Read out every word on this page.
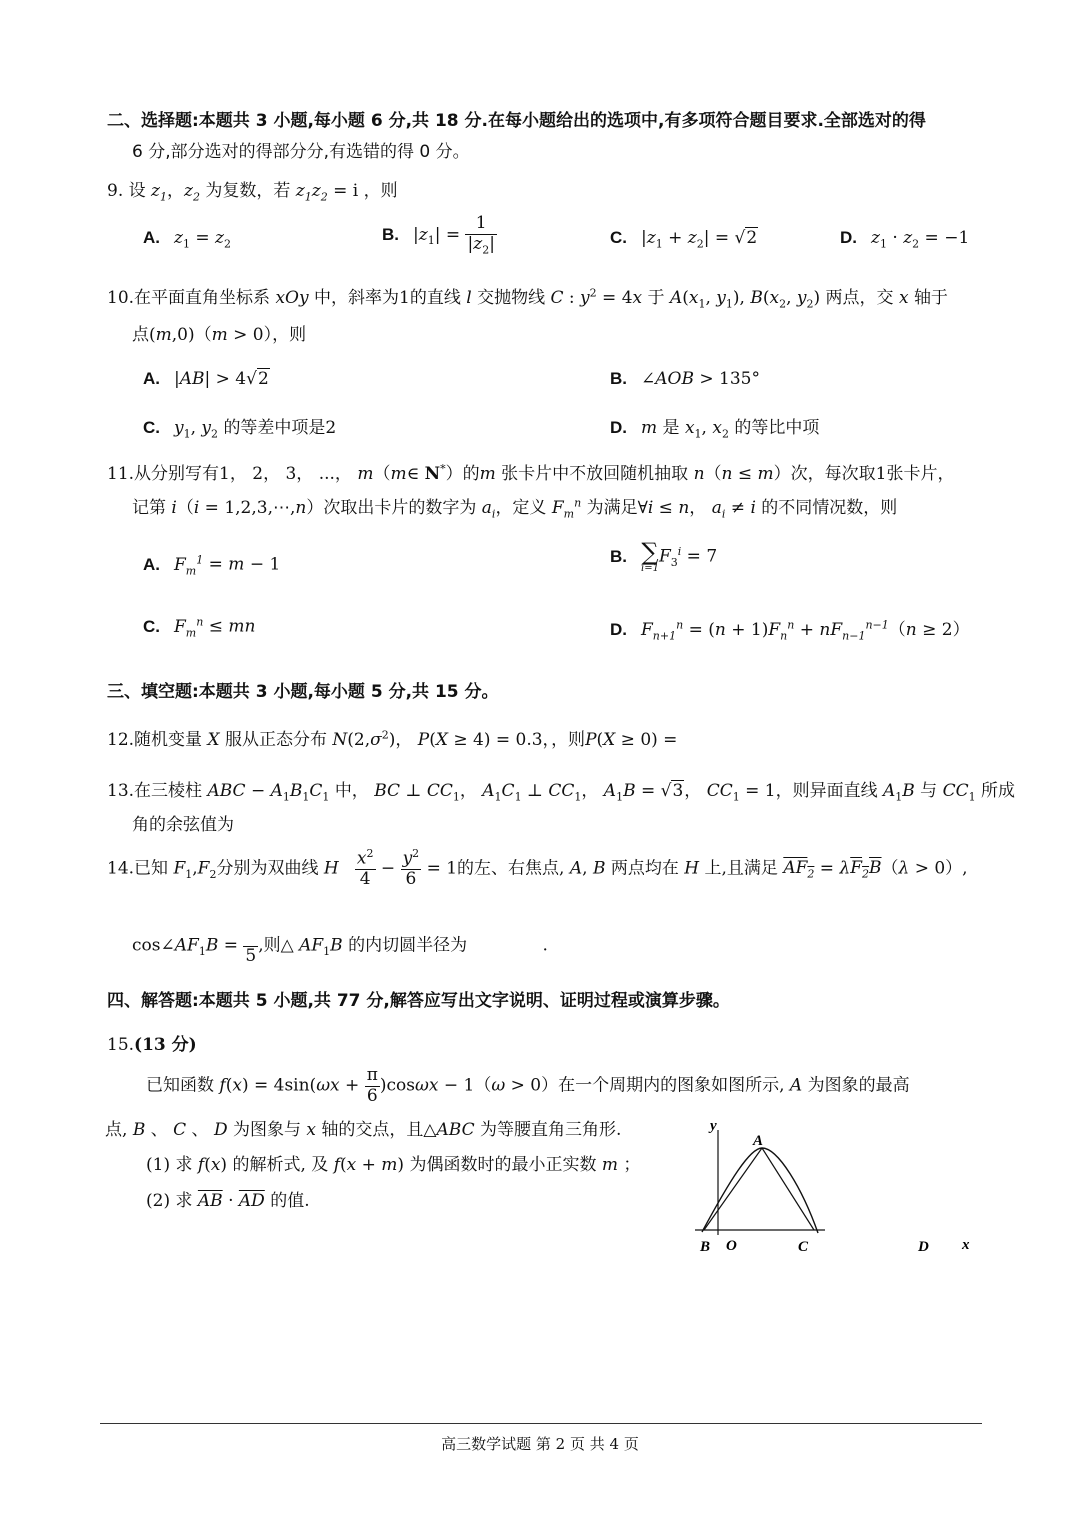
二、选择题:本题共 3 小题,每小题 6 分,共 18 分.在每小题给出的选项中,有多项符合题目要求.全部选对的得
6 分,部分选对的得部分分,有选错的得 0 分。
9. 设 $z_1$，$z_2$ 为复数，若 $z_1z_2 = i$ ，则
A. $z_1 = z_2$
B. $|z_1| = \frac{1}{|z_2|}$	C. $|z_1 + z_2| = √2$	D. $z_1 \cdot z_2 = -1$
10.在平面直角坐标系 xOy 中，斜率为1的直线 l 交抛物线 C : $y^2 = 4x$ 于 $A(x_1$, $y_1$), $B(x_2$, $y_2$) 两点，交 x 轴于
点(m,0)（m > 0），则
A. |AB| > 4√2	B. ∠AOB > 135°
C. $y_1$, $y_2$ 的等差中项是2	D. m 是 $x_1$, $x_2$ 的等比中项
11.从分别写有1， 2， 3， ...， m（m∈ N*）的m 张卡片中不放回随机抽取 n（n ≤ m）次，每次取1张卡片，
记第 i（i = 1,2,3,⋯,n）次取出卡片的数字为 $a_i$，定义 $F_m^n$ 为满足∀i ≤ n， $a_i \ne i$ 的不同情况数，则
A. $F_m^1 = m - 1$	B. ∑
i=1
$F_3^i = 7$
C. $F_m^n$ ≤ mn	D. $F_{n+1}^n = (n + 1)F_n^n + nF_{n-1}^{n-1}(n \ge 2)$
三、填空题:本题共 3 小题,每小题 5 分,共 15 分。
12.随机变量 X 服从正态分布 $N(2,\sigma^2)$， P(X ≥ 4) = 0.3，，则P(X ≥ 0) =
13.在三棱柱 ABC − $A_1B_1C_1$ 中， BC ⊥ $CC_1$， $A_1C_1$ ⊥ $CC_1$， $A_1B = √3$， $CC_1 = 1$，则异面直线 $A_1B$ 与 $CC_1$ 所成
角的余弦值为
14.已知 $F_1,F_2$分别为双曲线 H $\frac{x^2}{4} - \frac{y^2}{6} = 1$的左、右焦点, A, B 两点均在 H 上,且满足 $AF_2 = \lambda F_2B(\lambda > 0)$,
$\cos\angle AF_1B$ =
5 ,则△ $AF_1B$ 的内切圆半径为	.
四、解答题:本题共 5 小题,共 77 分,解答应写出文字说明、证明过程或演算步骤。
15.(13 分)
已知函数 $f(x) = 4\sin(\omega x + \frac{\pi}{6} )\cos\omega x - 1(\omega > 0)$在一个周期内的图象如图所示, A 为图象的最高
点, B 、 C 、 D 为图象与 x 轴的交点，且△ABC 为等腰直角三角形.
(1) 求 f(x) 的解析式, 及 f(x + m) 为偶函数时的最小正实数 m ；
(2) 求 $\overline{AB} \cdot \overline{AD}$ 的值.
y
A
B O	C	D x
高三数学试题 第 2 页 共 4 页
